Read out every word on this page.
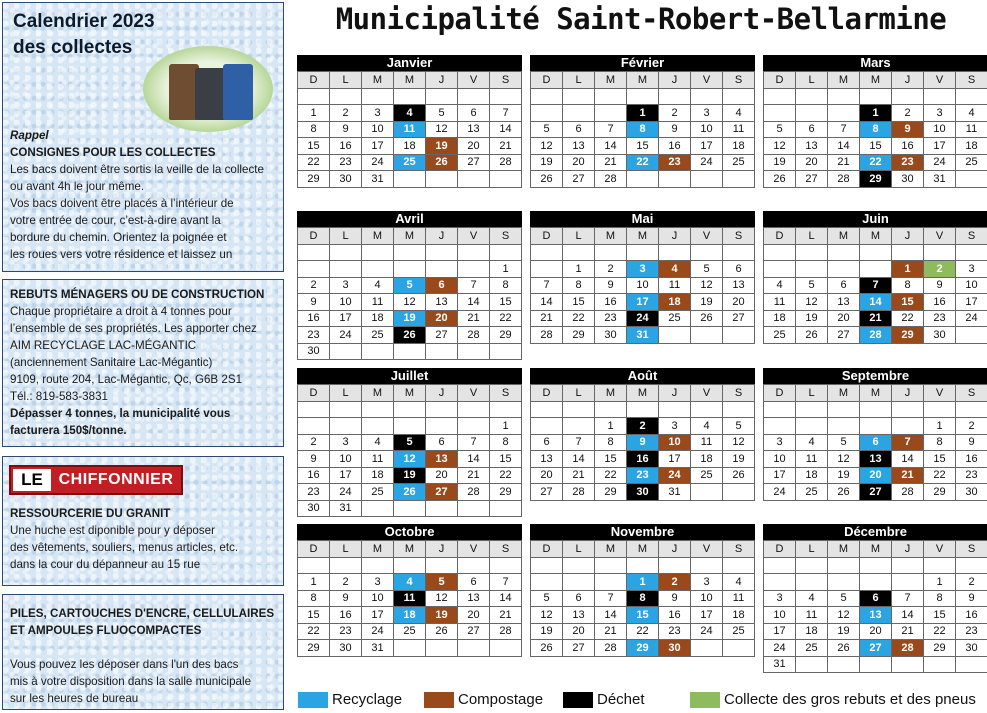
Calendrier 2023
des collectes
Rappel
CONSIGNES POUR LES COLLECTES
Les bacs doivent être sortis la veille de la collecte
ou avant 4h le jour même.
Vos bacs doivent être placés à l’intérieur de
votre entrée de cour, c’est-à-dire avant la
bordure du chemin. Orientez la poignée et
les roues vers votre résidence et laissez un
REBUTS MÉNAGERS OU DE CONSTRUCTION
Chaque propriétaire a droit à 4 tonnes pour
l’ensemble de ses propriétés. Les apporter chez
AIM RECYCLAGE LAC-MÉGANTIC
(anciennement Sanitaire Lac-Mégantic)
9109, route 204, Lac-Mégantic, Qc, G6B 2S1
Tél.: 819-583-3831
Dépasser 4 tonnes, la municipalité vous
facturera 150$/tonne.
LE CHIFFONNIER
RESSOURCERIE DU GRANIT
Une huche est diponible pour y déposer
des vêtements, souliers, menus articles, etc.
dans la cour du dépanneur au 15 rue
PILES, CARTOUCHES D'ENCRE, CELLULAIRES
ET AMPOULES FLUOCOMPACTES

Vous pouvez les déposer dans l'un des bacs
mis à votre disposition dans la salle municipale
sur les heures de bureau
Municipalité Saint-Robert-Bellarmine
Janvier
D	L	M	M	J	V	S

1	2	3	4	5	6	7
8	9	10	11	12	13	14
15	16	17	18	19	20	21
22	23	24	25	26	27	28
29	30	31				
Février
D	L	M	M	J	V	S

			1	2	3	4
5	6	7	8	9	10	11
12	13	14	15	16	17	18
19	20	21	22	23	24	25
26	27	28				
Mars
D	L	M	M	J	V	S

			1	2	3	4
5	6	7	8	9	10	11
12	13	14	15	16	17	18
19	20	21	22	23	24	25
26	27	28	29	30	31	
Avril
D	L	M	M	J	V	S

						1
2	3	4	5	6	7	8
9	10	11	12	13	14	15
16	17	18	19	20	21	22
23	24	25	26	27	28	29
30						
Mai
D	L	M	M	J	V	S

	1	2	3	4	5	6
7	8	9	10	11	12	13
14	15	16	17	18	19	20
21	22	23	24	25	26	27
28	29	30	31			
Juin
D	L	M	M	J	V	S

				1	2	3
4	5	6	7	8	9	10
11	12	13	14	15	16	17
18	19	20	21	22	23	24
25	26	27	28	29	30	
Juillet
D	L	M	M	J	V	S

						1
2	3	4	5	6	7	8
9	10	11	12	13	14	15
16	17	18	19	20	21	22
23	24	25	26	27	28	29
30	31					
Août
D	L	M	M	J	V	S

		1	2	3	4	5
6	7	8	9	10	11	12
13	14	15	16	17	18	19
20	21	22	23	24	25	26
27	28	29	30	31		
Septembre
D	L	M	M	J	V	S

					1	2
3	4	5	6	7	8	9
10	11	12	13	14	15	16
17	18	19	20	21	22	23
24	25	26	27	28	29	30
Octobre
D	L	M	M	J	V	S

1	2	3	4	5	6	7
8	9	10	11	12	13	14
15	16	17	18	19	20	21
22	23	24	25	26	27	28
29	30	31				
Novembre
D	L	M	M	J	V	S

			1	2	3	4
5	6	7	8	9	10	11
12	13	14	15	16	17	18
19	20	21	22	23	24	25
26	27	28	29	30		
Décembre
D	L	M	M	J	V	S

					1	2
3	4	5	6	7	8	9
10	11	12	13	14	15	16
17	18	19	20	21	22	23
24	25	26	27	28	29	30
31						
Recyclage	Compostage	Déchet	Collecte des gros rebuts et des pneus
